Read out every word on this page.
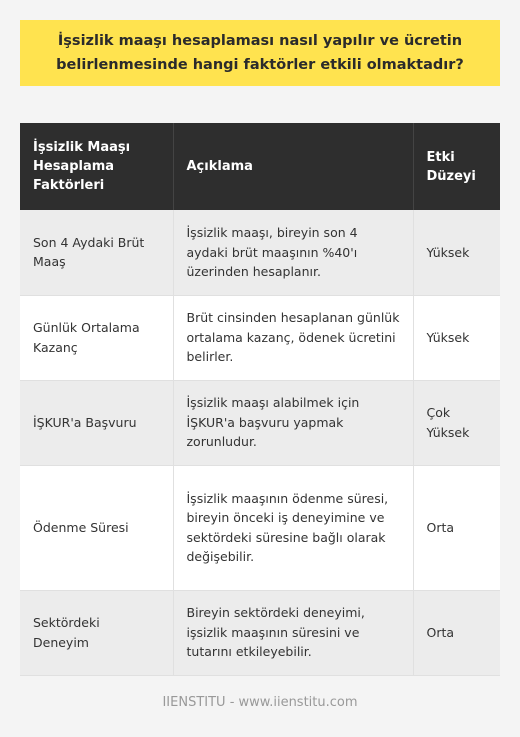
İşsizlik maaşı hesaplaması nasıl yapılır ve ücretin belirlenmesinde hangi faktörler etkili olmaktadır?
İşsizlik Maaşı Hesaplama Faktörleri	Açıklama	Etki Düzeyi
Son 4 Aydaki Brüt Maaş	İşsizlik maaşı, bireyin son 4 aydaki brüt maaşının %40'ı üzerinden hesaplanır.	Yüksek
Günlük Ortalama Kazanç	Brüt cinsinden hesaplanan günlük ortalama kazanç, ödenek ücretini belirler.	Yüksek
İŞKUR'a Başvuru	İşsizlik maaşı alabilmek için İŞKUR'a başvuru yapmak zorunludur.	Çok Yüksek
Ödenme Süresi	İşsizlik maaşının ödenme süresi, bireyin önceki iş deneyimine ve sektördeki süresine bağlı olarak değişebilir.	Orta
Sektördeki Deneyim	Bireyin sektördeki deneyimi, işsizlik maaşının süresini ve tutarını etkileyebilir.	Orta
IIENSTITU - www.iienstitu.com
